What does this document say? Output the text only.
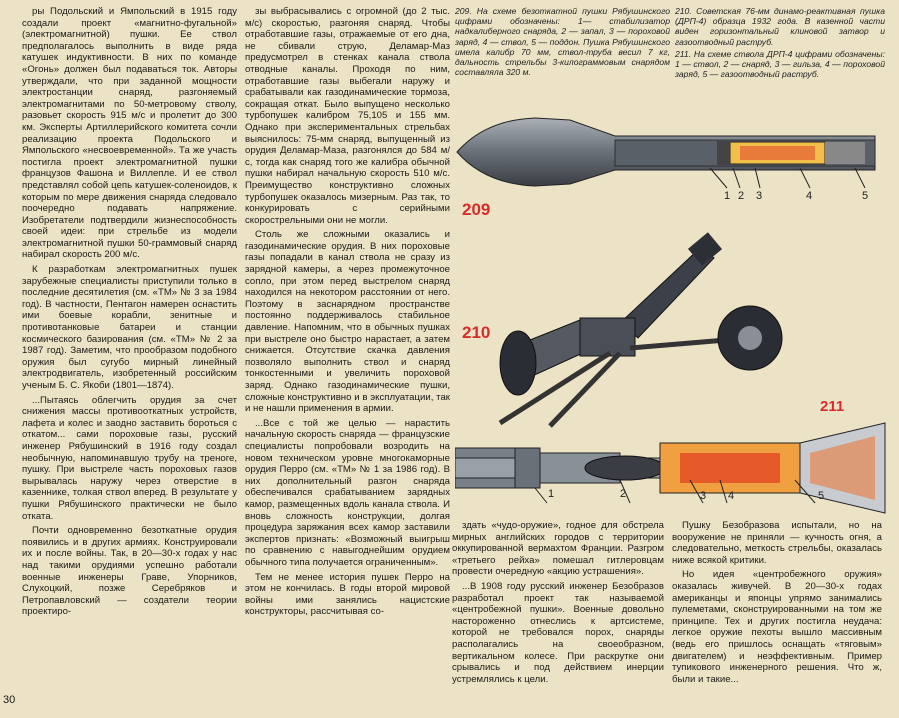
ры Подольский и Ямпольский в 1915 году создали проект «магнитно-фугальной» (электромагнитной) пушки. Ее ствол предполагалось выполнить в виде ряда катушек индуктивности. В них по команде «Огонь» должен был подаваться ток. Авторы утверждали, что при заданной мощности электростанции снаряд, разгоняемый электромагнитами по 50-метровому стволу, разовьет скорость 915 м/с и пролетит до 300 км. Эксперты Артиллерийского комитета сочли реализацию проекта Подольского и Ямпольского «несвоевременной». Та же участь постигла проект электромагнитной пушки французов Фашона и Виллепле. И ее ствол представлял собой цепь катушек-соленоидов, к которым по мере движения снаряда следовало поочередно подавать напряжение. Изобретатели подтвердили жизнеспособность своей идеи: при стрельбе из модели электромагнитной пушки 50-граммовый снаряд набирал скорость 200 м/с.

К разработкам электромагнитных пушек зарубежные специалисты приступили только в последние десятилетия (см. «ТМ» № 3 за 1984 год). В частности, Пентагон намерен оснастить ими боевые корабли, зенитные и противотанковые батареи и станции космического базирования (см. «ТМ» № 2 за 1987 год). Заметим, что прообразом подобного оружия был сугубо мирный линейный электродвигатель, изобретенный российским ученым Б. С. Якоби (1801—1874).

...Пытаясь облегчить орудия за счет снижения массы противооткатных устройств, лафета и колес и заодно заставить бороться с откатом... сами пороховые газы, русский инженер Рябушинский в 1916 году создал необычную, напоминавшую трубу на треноге, пушку. При выстреле часть пороховых газов вырывалась наружу через отверстие в казеннике, толкая ствол вперед. В результате у пушки Рябушинского практически не было отката.

Почти одновременно безоткатные орудия появились и в других армиях. Конструировали их и после войны. Так, в 20—30-х годах у нас над такими орудиями успешно работали военные инженеры Граве, Упорников, Слухоцкий, позже Серебряков и Петропавловский — создатели теории проектиро-

зы выбрасывались с огромной (до 2 тыс. м/с) скоростью, разгоняя снаряд. Чтобы отработавшие газы, отражаемые от его дна, не сбивали струю, Деламар-Маз предусмотрел в стенках канала ствола отводные каналы. Проходя по ним, отработавшие газы выбегали наружу и срабатывали как газодинамические тормоза, сокращая откат. Было выпущено несколько турбопушек калибром 75,105 и 155 мм. Однако при экспериментальных стрельбах выяснилось: 75-мм снаряд, выпущенный из орудия Деламар-Маза, разгонялся до 584 м/с, тогда как снаряд того же калибра обычной пушки набирал начальную скорость 510 м/с. Преимущество конструктивно сложных турбопушек оказалось мизерным. Раз так, то конкурировать с серийными скорострельными они не могли.

Столь же сложными оказались и газодинамические орудия. В них пороховые газы попадали в канал ствола не сразу из зарядной камеры, а через промежуточное сопло, при этом перед выстрелом снаряд находился на некотором расстоянии от него. Поэтому в заснарядном пространстве постоянно поддерживалось стабильное давление. Напомним, что в обычных пушках при выстреле оно быстро нарастает, а затем снижается. Отсутствие скачка давления позволяло выполнить ствол и снаряд тонкостенными и увеличить пороховой заряд. Однако газодинамические пушки, сложные конструктивно и в эксплуатации, так и не нашли применения в армии.

...Все с той же целью — нарастить начальную скорость снаряда — французские специалисты попробовали возродить на новом техническом уровне многокаморные орудия Перро (см. «ТМ» № 1 за 1986 год). В них дополнительный разгон снаряда обеспечивался срабатыванием зарядных камор, размещенных вдоль канала ствола. И вновь сложность конструкции, долгая процедура заряжания всех камор заставили экспертов признать: «Возможный выигрыш по сравнению с навыгоднейшим орудием обычного типа получается ограниченным».

Тем не менее история пушек Перро на этом не кончилась. В годы второй мировой войны ими занялись нацистские конструкторы, рассчитывая со-

209. На схеме безоткатной пушки Рябушинского цифрами обозначены: 1— стабилизатор надкалиберного снаряда, 2 — запал, 3 — пороховой заряд, 4 — ствол, 5 — поддон. Пушка Рябушинского имела калибр 70 мм, ствол-труба весил 7 кг, дальность стрельбы 3-килограммовым снарядом составляла 320 м.

210. Советская 76-мм динамо-реактивная пушка (ДРП-4) образца 1932 года. В казенной части виден горизонтальный клиновой затвор и газоотводный раструб.

211. На схеме ствола ДРП-4 цифрами обозначены: 1 — ствол, 2 — снаряд, 3 — гильза, 4 — пороховой заряд, 5 — газоотводный раструб.

1 2 3	4	5
209
210
211
1	2	3 4	5

здать «чудо-оружие», годное для обстрела мирных английских городов с территории оккупированной вермахтом Франции. Разгром «третьего рейха» помешал гитлеровцам провести очередную «акцию устрашения».

...В 1908 году русский инженер Безобразов разработал проект так называемой «центробежной пушки». Военные довольно настороженно отнеслись к артсистеме, которой не требовался порох, снаряды располагались на своеобразном, вертикальном колесе. При раскрутке они срывались и под действием инерции устремлялись к цели.

Пушку Безобразова испытали, но на вооружение не приняли — кучность огня, а следовательно, меткость стрельбы, оказалась ниже всякой критики.

Но идея «центробежного оружия» оказалась живучей. В 20—30-х годах американцы и японцы упрямо занимались пулеметами, сконструированными на том же принципе. Тех и других постигла неудача: легкое оружие пехоты вышло массивным (ведь его пришлось оснащать «тяговым» двигателем) и неэффективным. Пример тупикового инженерного решения. Что ж, были и такие...

30
